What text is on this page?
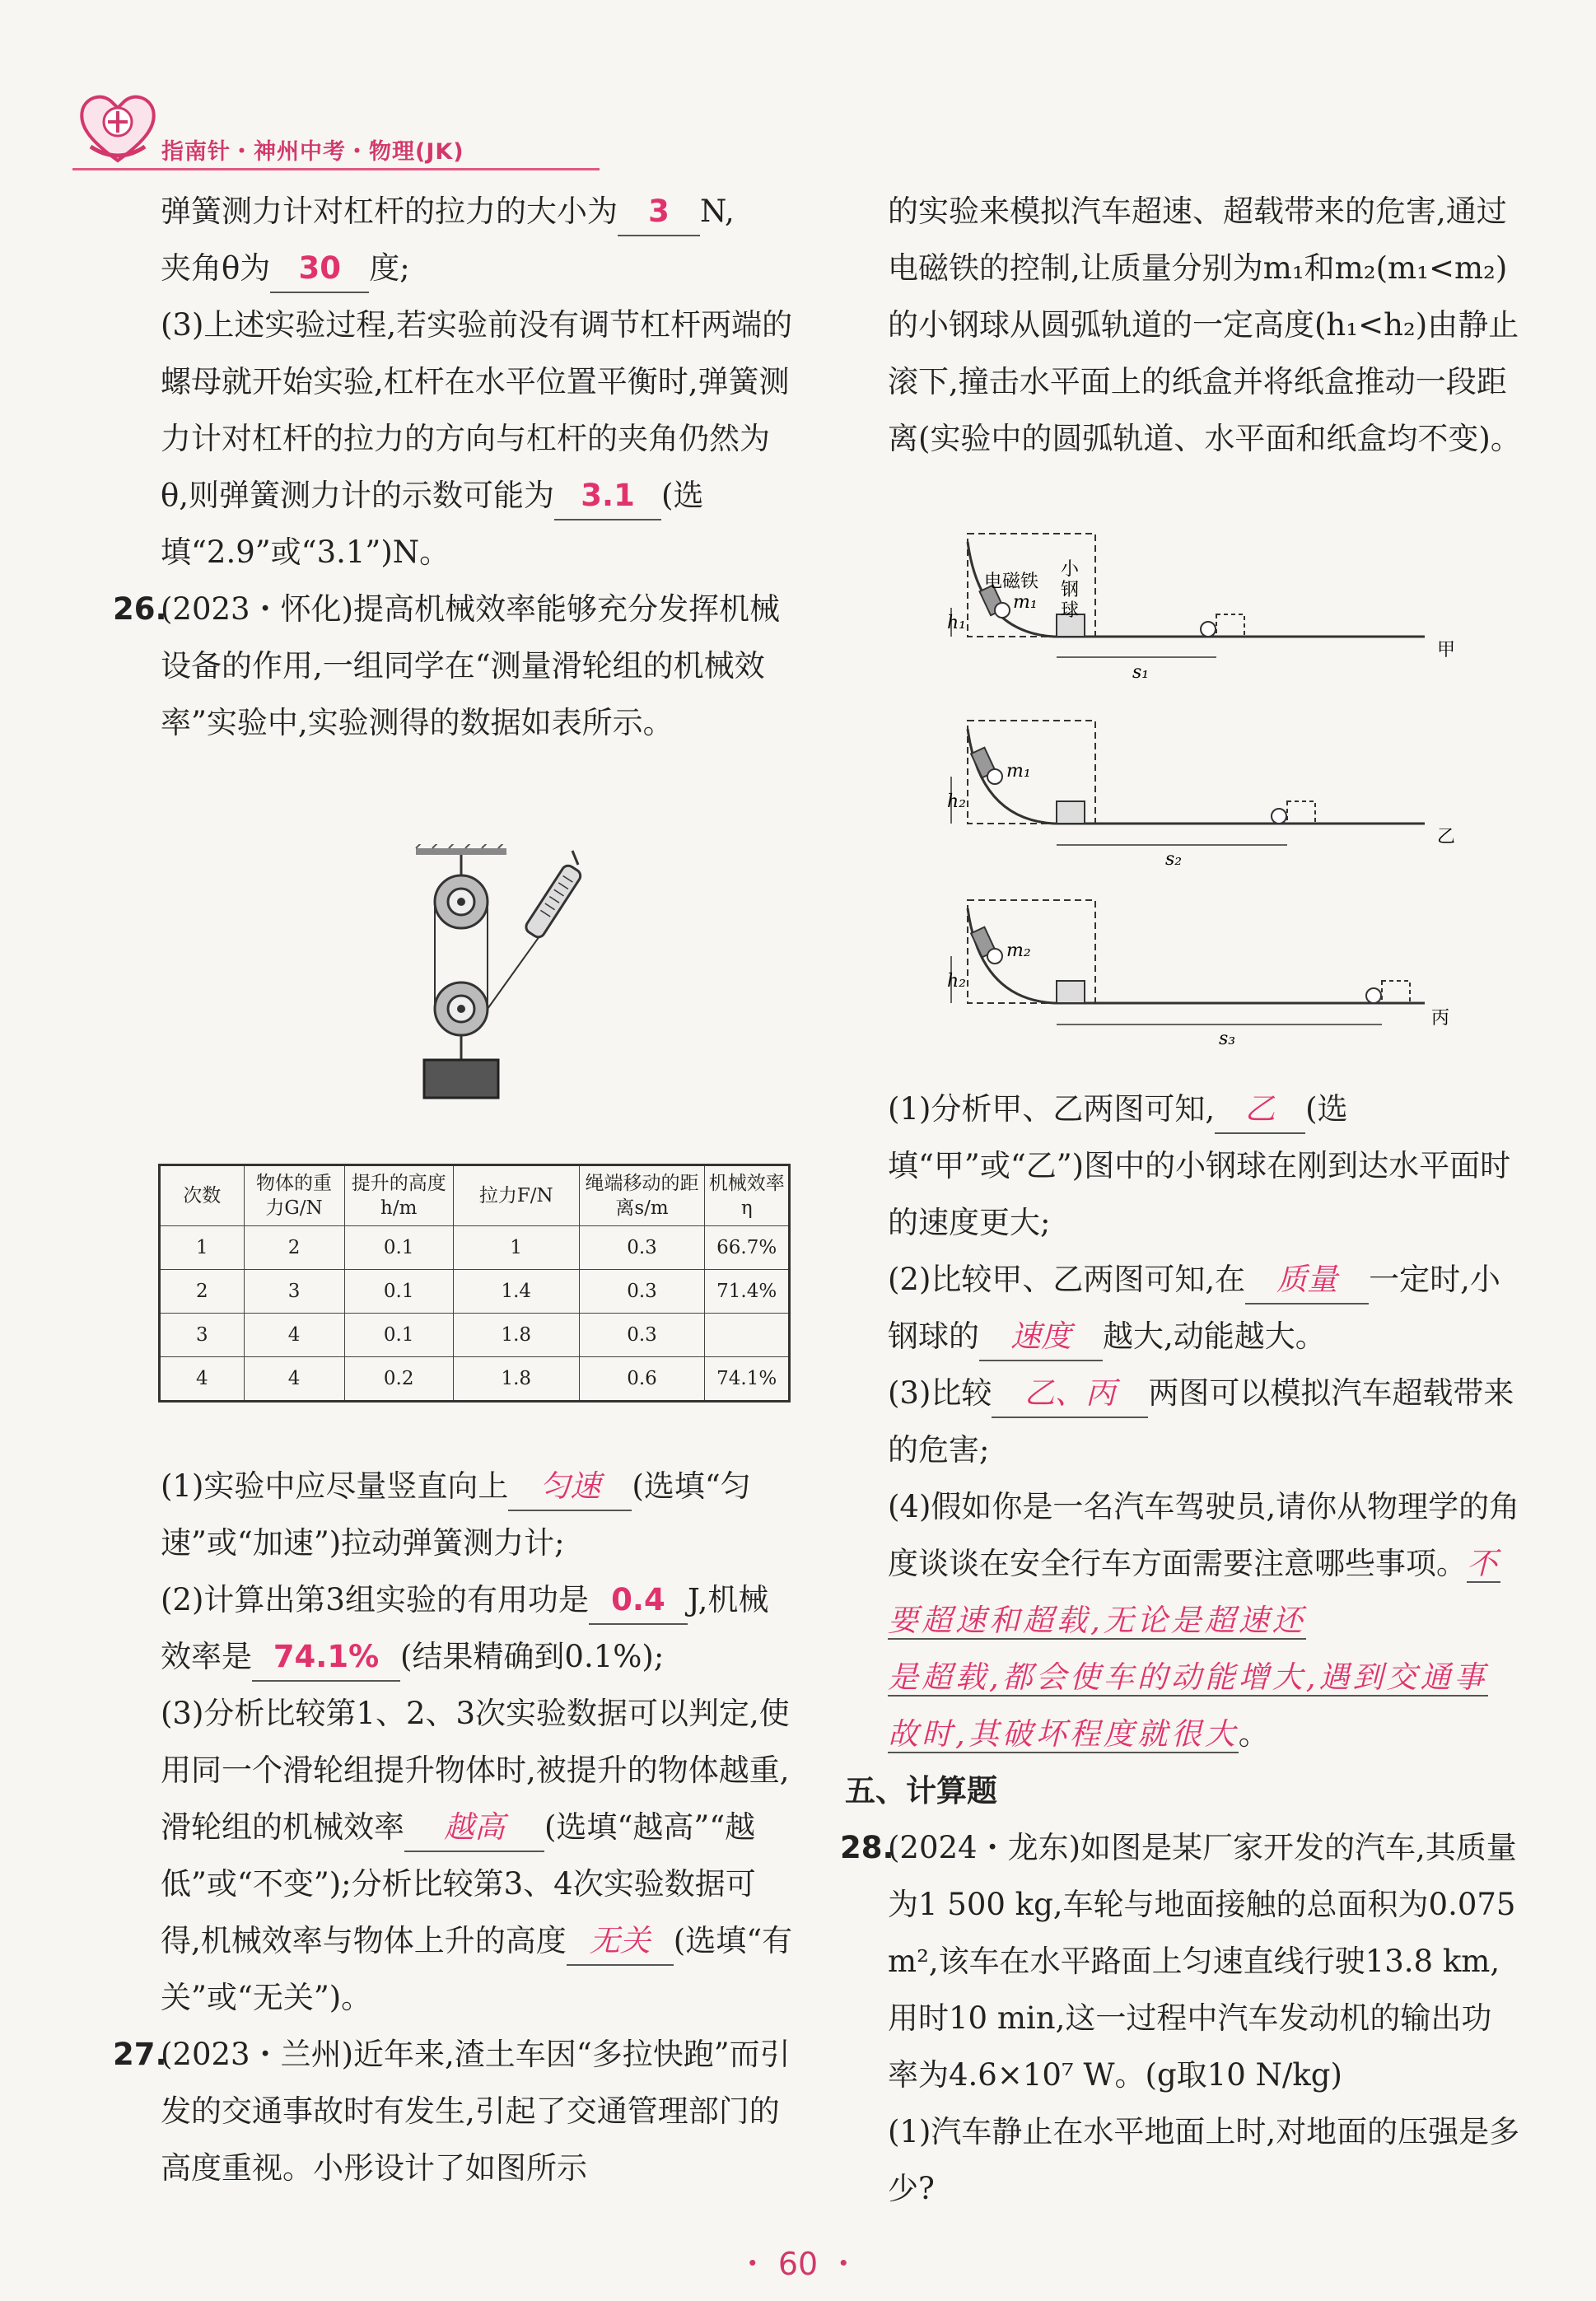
指南针・神州中考・物理(JK)

弹簧测力计对杠杆的拉力的大小为 3 N,
夹角θ为 30 度;

(3)上述实验过程,若实验前没有调节杠杆两端的螺母就开始实验,杠杆在水平位置平衡时,弹簧测力计对杠杆的拉力的方向与杠杆的夹角仍然为θ,则弹簧测力计的示数可能为 3.1 (选填“2.9”或“3.1”)N。

26.(2023・怀化)提高机械效率能够充分发挥机械设备的作用,一组同学在“测量滑轮组的机械效率”实验中,实验测得的数据如表所示。

次数	物体的重力G/N	提升的高度h/m	拉力F/N	绳端移动的距离s/m	机械效率η
1	2	0.1	1	0.3	66.7%
2	3	0.1	1.4	0.3	71.4%
3	4	0.1	1.8	0.3	
4	4	0.2	1.8	0.6	74.1%

(1)实验中应尽量竖直向上 匀速 (选填“匀速”或“加速”)拉动弹簧测力计;

(2)计算出第3组实验的有用功是 0.4 J,机械效率是 74.1% (结果精确到0.1%);

(3)分析比较第1、2、3次实验数据可以判定,使用同一个滑轮组提升物体时,被提升的物体越重,滑轮组的机械效率 越高 (选填“越高”“越低”或“不变”);分析比较第3、4次实验数据可得,机械效率与物体上升的高度 无关 (选填“有关”或“无关”)。

27.(2023・兰州)近年来,渣土车因“多拉快跑”而引发的交通事故时有发生,引起了交通管理部门的高度重视。小彤设计了如图所示

的实验来模拟汽车超速、超载带来的危害,通过电磁铁的控制,让质量分别为m₁和m₂(m₁<m₂)的小钢球从圆弧轨道的一定高度(h₁<h₂)由静止滚下,撞击水平面上的纸盒并将纸盒推动一段距离(实验中的圆弧轨道、水平面和纸盒均不变)。

电磁铁
小
钢
球
m₁
h₁
s₁
甲
m₁
h₂
s₂
乙
m₂
h₂
s₃
丙

(1)分析甲、乙两图可知, 乙 (选填“甲”或“乙”)图中的小钢球在刚到达水平面时的速度更大;

(2)比较甲、乙两图可知,在 质量 一定时,小钢球的 速度 越大,动能越大。

(3)比较 乙、丙 两图可以模拟汽车超载带来的危害;

(4)假如你是一名汽车驾驶员,请你从物理学的角度谈谈在安全行车方面需要注意哪些事项。不要超速和超载,无论是超速还
是超载,都会使车的动能增大,遇到交通事
故时,其破坏程度就很大。

五、计算题

28.(2024・龙东)如图是某厂家开发的汽车,其质量为1 500 kg,车轮与地面接触的总面积为0.075 m²,该车在水平路面上匀速直线行驶13.8 km,用时10 min,这一过程中汽车发动机的输出功率为4.6×10⁷ W。(g取10 N/kg)

(1)汽车静止在水平地面上时,对地面的压强是多少?

・ 60 ・
